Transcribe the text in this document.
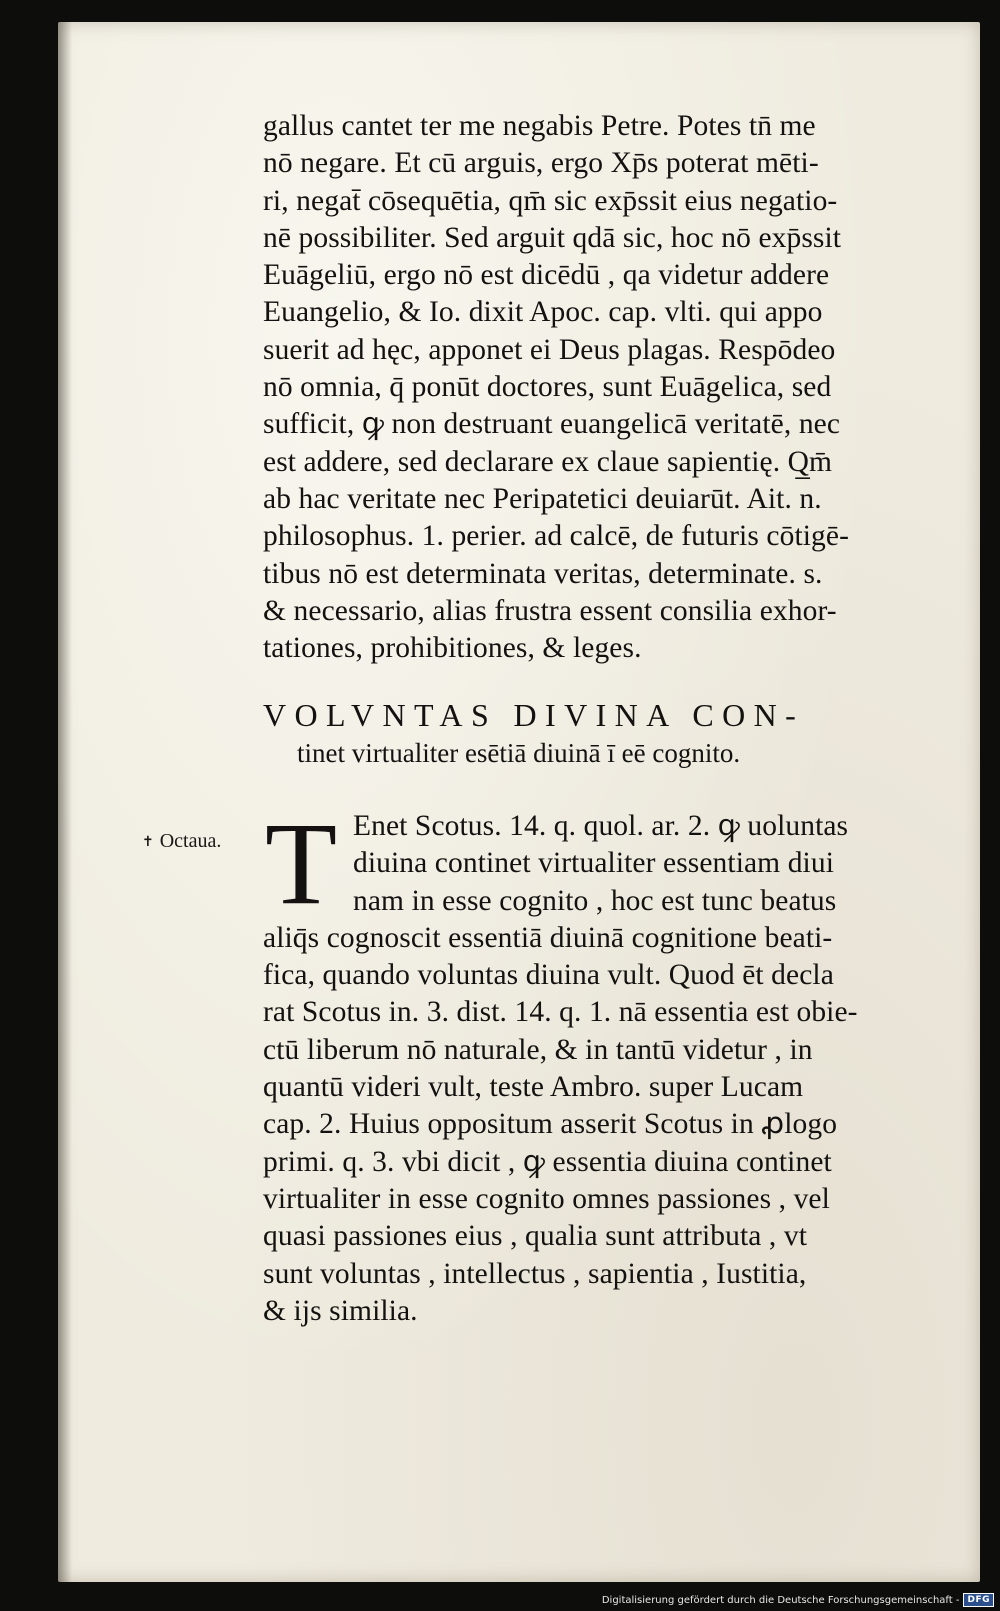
gallus cantet ter me negabis Petre. Potes tn̄ me
nō negare. Et cū arguis, ergo Xp̄s poterat mēti-
ri, negat̄ cōsequētia, qm̄ sic exp̄ssit eius negatio-
nē possibiliter. Sed arguit qdā sic, hoc nō exp̄ssit
Euāgeliū, ergo nō est dicēdū , qa videtur addere
Euangelio, & Io. dixit Apoc. cap. vlti. qui appo
suerit ad hęc, apponet ei Deus plagas. Respōdeo
nō omnia, q̄ ponūt doctores, sunt Euāgelica, sed
sufficit, ꝙ non destruant euangelicā veritatē, nec
est addere, sed declarare ex claue sapientię. Q̲m̄
ab hac veritate nec Peripatetici deuiarūt. Ait. n.
philosophus. 1. perier. ad calcē, de futuris cōtigē-
tibus nō est determinata veritas, determinate. s.
& necessario, alias frustra essent consilia exhor-
tationes, prohibitiones, & leges.
VOLVNTAS DIVINA CON-
tinet virtualiter esētiā diuinā ī eē cognito.
✝ Octaua. T Enet Scotus. 14. q. quol. ar. 2. ꝙ uoluntas
diuina continet virtualiter essentiam diui
nam in esse cognito , hoc est tunc beatus
aliq̄s cognoscit essentiā diuinā cognitione beati-
fica, quando voluntas diuina vult. Quod ēt decla
rat Scotus in. 3. dist. 14. q. 1. nā essentia est obie-
ctū liberum nō naturale, & in tantū videtur , in
quantū videri vult, teste Ambro. super Lucam
cap. 2. Huius oppositum asserit Scotus in ꝓlogo
primi. q. 3. vbi dicit , ꝙ essentia diuina continet
virtualiter in esse cognito omnes passiones , vel
quasi passiones eius , qualia sunt attributa , vt
sunt voluntas , intellectus , sapientia , Iustitia,
& ijs similia.
Digitalisierung gefördert durch die Deutsche Forschungsgemeinschaft - DFG
